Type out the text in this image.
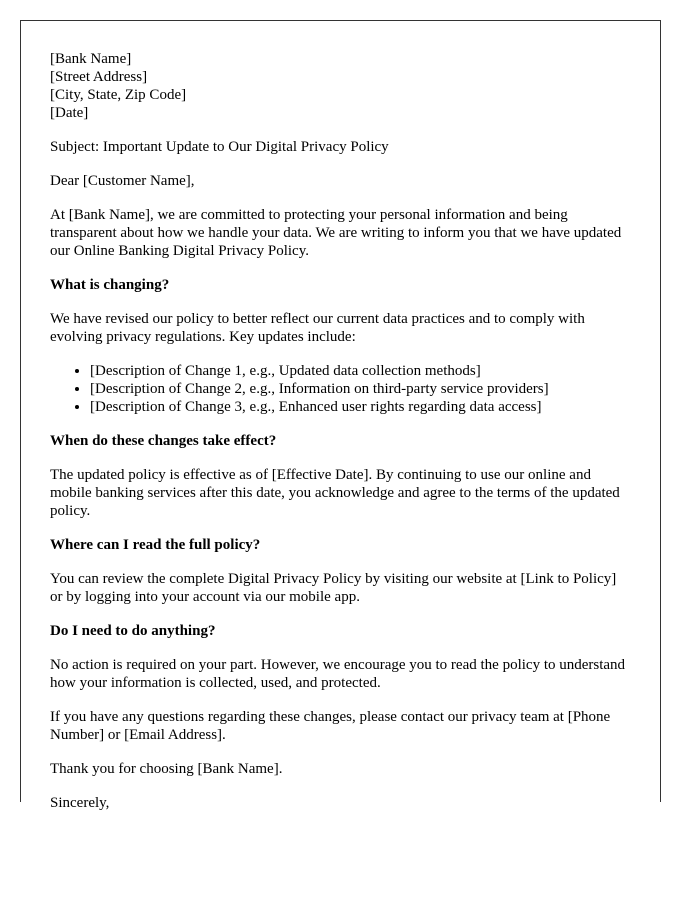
[Bank Name]
[Street Address]
[City, State, Zip Code]
[Date]

Subject: Important Update to Our Digital Privacy Policy

Dear [Customer Name],

At [Bank Name], we are committed to protecting your personal information and being transparent about how we handle your data. We are writing to inform you that we have updated our Online Banking Digital Privacy Policy.

What is changing?

We have revised our policy to better reflect our current data practices and to comply with evolving privacy regulations. Key updates include:

• [Description of Change 1, e.g., Updated data collection methods]
• [Description of Change 2, e.g., Information on third-party service providers]
• [Description of Change 3, e.g., Enhanced user rights regarding data access]
When do these changes take effect?

The updated policy is effective as of [Effective Date]. By continuing to use our online and mobile banking services after this date, you acknowledge and agree to the terms of the updated policy.

Where can I read the full policy?

You can review the complete Digital Privacy Policy by visiting our website at [Link to Policy] or by logging into your account via our mobile app.

Do I need to do anything?

No action is required on your part. However, we encourage you to read the policy to understand how your information is collected, used, and protected.

If you have any questions regarding these changes, please contact our privacy team at [Phone Number] or [Email Address].

Thank you for choosing [Bank Name].

Sincerely,
